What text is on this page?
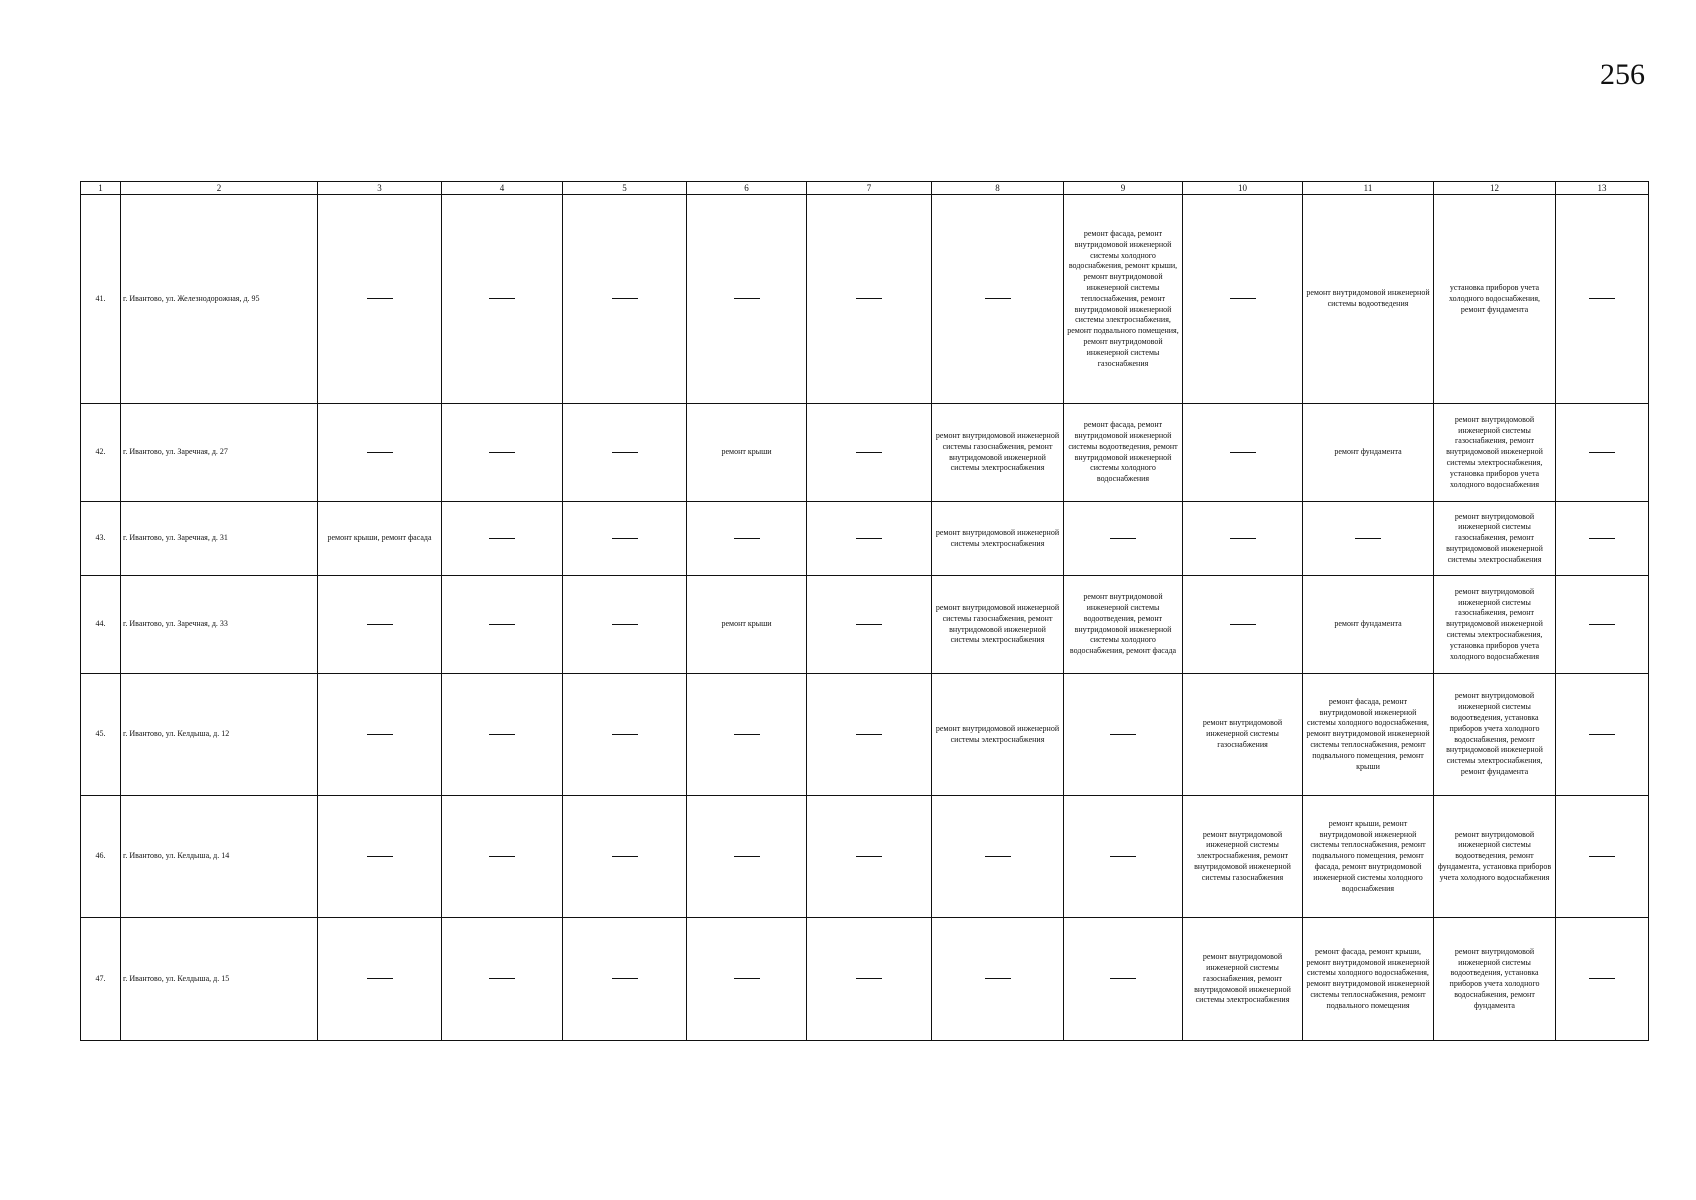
256
1	2	3	4	5	6	7	8	9	10	11	12	13
41.	г. Ивантово, ул. Железнодорожная, д. 95							ремонт фасада, ремонт внутридомовой инженерной системы холодного водоснабжения, ремонт крыши, ремонт внутридомовой инженерной системы теплоснабжения, ремонт внутридомовой инженерной системы электроснабжения, ремонт подвального помещения, ремонт внутридомовой инженерной системы газоснабжения		ремонт внутридомовой инженерной системы водоотведения	установка приборов учета холодного водоснабжения, ремонт фундамента	
42.	г. Ивантово, ул. Заречная, д. 27				ремонт крыши		ремонт внутридомовой инженерной системы газоснабжения, ремонт внутридомовой инженерной системы электроснабжения	ремонт фасада, ремонт внутридомовой инженерной системы водоотведения, ремонт внутридомовой инженерной системы холодного водоснабжения		ремонт фундамента	ремонт внутридомовой инженерной системы газоснабжения, ремонт внутридомовой инженерной системы электроснабжения, установка приборов учета холодного водоснабжения	
43.	г. Ивантово, ул. Заречная, д. 31	ремонт крыши, ремонт фасада					ремонт внутридомовой инженерной системы электроснабжения				ремонт внутридомовой инженерной системы газоснабжения, ремонт внутридомовой инженерной системы электроснабжения	
44.	г. Ивантово, ул. Заречная, д. 33				ремонт крыши		ремонт внутридомовой инженерной системы газоснабжения, ремонт внутридомовой инженерной системы электроснабжения	ремонт внутридомовой инженерной системы водоотведения, ремонт внутридомовой инженерной системы холодного водоснабжения, ремонт фасада		ремонт фундамента	ремонт внутридомовой инженерной системы газоснабжения, ремонт внутридомовой инженерной системы электроснабжения, установка приборов учета холодного водоснабжения	
45.	г. Ивантово, ул. Келдыша, д. 12						ремонт внутридомовой инженерной системы электроснабжения		ремонт внутридомовой инженерной системы газоснабжения	ремонт фасада, ремонт внутридомовой инженерной системы холодного водоснабжения, ремонт внутридомовой инженерной системы теплоснабжения, ремонт подвального помещения, ремонт крыши	ремонт внутридомовой инженерной системы водоотведения, установка приборов учета холодного водоснабжения, ремонт внутридомовой инженерной системы электроснабжения, ремонт фундамента	
46.	г. Ивантово, ул. Келдыша, д. 14								ремонт внутридомовой инженерной системы электроснабжения, ремонт внутридомовой инженерной системы газоснабжения	ремонт крыши, ремонт внутридомовой инженерной системы теплоснабжения, ремонт подвального помещения, ремонт фасада, ремонт внутридомовой инженерной системы холодного водоснабжения	ремонт внутридомовой инженерной системы водоотведения, ремонт фундамента, установка приборов учета холодного водоснабжения	
47.	г. Ивантово, ул. Келдыша, д. 15								ремонт внутридомовой инженерной системы газоснабжения, ремонт внутридомовой инженерной системы электроснабжения	ремонт фасада, ремонт крыши, ремонт внутридомовой инженерной системы холодного водоснабжения, ремонт внутридомовой инженерной системы теплоснабжения, ремонт подвального помещения	ремонт внутридомовой инженерной системы водоотведения, установка приборов учета холодного водоснабжения, ремонт фундамента	
